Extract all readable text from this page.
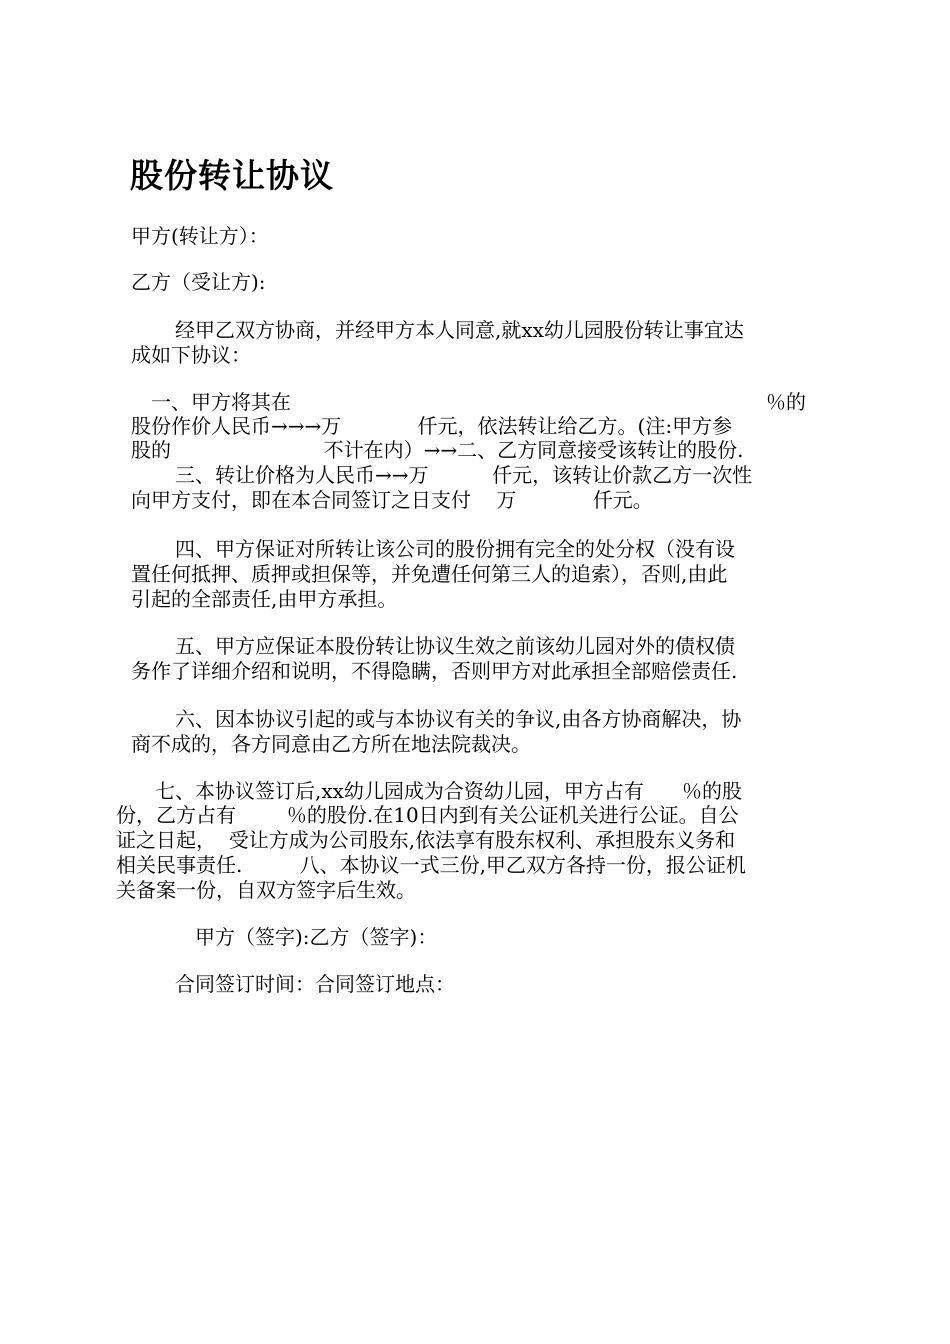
股份转让协议

甲方(转让方）：

乙方（受让方):

经甲乙双方协商，并经甲方本人同意,就xx幼儿园股份转让事宜达

成如下协议：

一、甲方将其在	％的

股份作价人民币→→→万            仟元，依法转让给乙方。(注:甲方参

股的                        不计在内）→→二、乙方同意接受该转让的股份.

三、转让价格为人民币→→万          仟元，该转让价款乙方一次性

向甲方支付，即在本合同签订之日支付    万            仟元。

四、甲方保证对所转让该公司的股份拥有完全的处分权（没有设

置任何抵押、质押或担保等，并免遭任何第三人的追索），否则,由此

引起的全部责任,由甲方承担。

五、甲方应保证本股份转让协议生效之前该幼儿园对外的债权债

务作了详细介绍和说明，不得隐瞒，否则甲方对此承担全部赔偿责任.

六、因本协议引起的或与本协议有关的争议,由各方协商解决，协

商不成的，各方同意由乙方所在地法院裁决。

七、本协议签订后,xx幼儿园成为合资幼儿园，甲方占有      ％的股

份，乙方占有        ％的股份.在10日内到有关公证机关进行公证。自公

证之日起，  受让方成为公司股东,依法享有股东权利、承担股东义务和

相关民事责任.         八、本协议一式三份,甲乙双方各持一份，报公证机

关备案一份，自双方签字后生效。

甲方（签字):乙方（签字)：

合同签订时间：合同签订地点：
